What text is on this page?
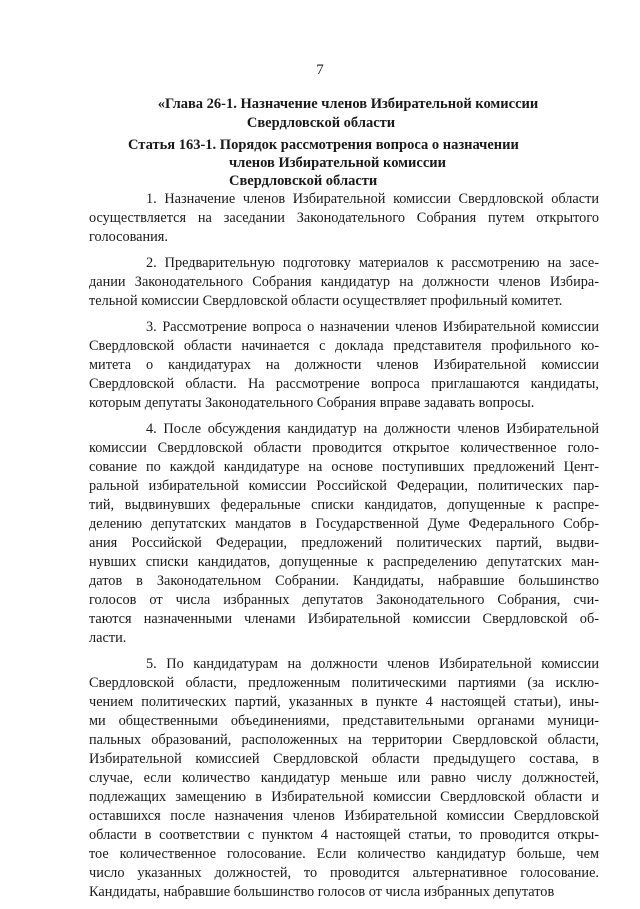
7
«Глава 26-1. Назначение членов Избирательной комиссии
Свердловской области
Статья 163-1. Порядок рассмотрения вопроса о назначении
членов Избирательной комиссии
Свердловской области
1. Назначение членов Избирательной комиссии Свердловской области
осуществляется на заседании Законодательного Собрания путем открытого
голосования.
2. Предварительную подготовку материалов к рассмотрению на засе-
дании Законодательного Собрания кандидатур на должности членов Избира-
тельной комиссии Свердловской области осуществляет профильный комитет.
3. Рассмотрение вопроса о назначении членов Избирательной комиссии
Свердловской области начинается с доклада представителя профильного ко-
митета о кандидатурах на должности членов Избирательной комиссии
Свердловской области. На рассмотрение вопроса приглашаются кандидаты,
которым депутаты Законодательного Собрания вправе задавать вопросы.
4. После обсуждения кандидатур на должности членов Избирательной
комиссии Свердловской области проводится открытое количественное голо-
сование по каждой кандидатуре на основе поступивших предложений Цент-
ральной избирательной комиссии Российской Федерации, политических пар-
тий, выдвинувших федеральные списки кандидатов, допущенные к распре-
делению депутатских мандатов в Государственной Думе Федерального Собр-
ания Российской Федерации, предложений политических партий, выдви-
нувших списки кандидатов, допущенные к распределению депутатских ман-
датов в Законодательном Собрании. Кандидаты, набравшие большинство
голосов от числа избранных депутатов Законодательного Собрания, счи-
таются назначенными членами Избирательной комиссии Свердловской об-
ласти.
5. По кандидатурам на должности членов Избирательной комиссии
Свердловской области, предложенным политическими партиями (за исклю-
чением политических партий, указанных в пункте 4 настоящей статьи), ины-
ми общественными объединениями, представительными органами муници-
пальных образований, расположенных на территории Свердловской области,
Избирательной комиссией Свердловской области предыдущего состава, в
случае, если количество кандидатур меньше или равно числу должностей,
подлежащих замещению в Избирательной комиссии Свердловской области и
оставшихся после назначения членов Избирательной комиссии Свердловской
области в соответствии с пунктом 4 настоящей статьи, то проводится откры-
тое количественное голосование. Если количество кандидатур больше, чем
число указанных должностей, то проводится альтернативное голосование.
Кандидаты, набравшие большинство голосов от числа избранных депутатов
